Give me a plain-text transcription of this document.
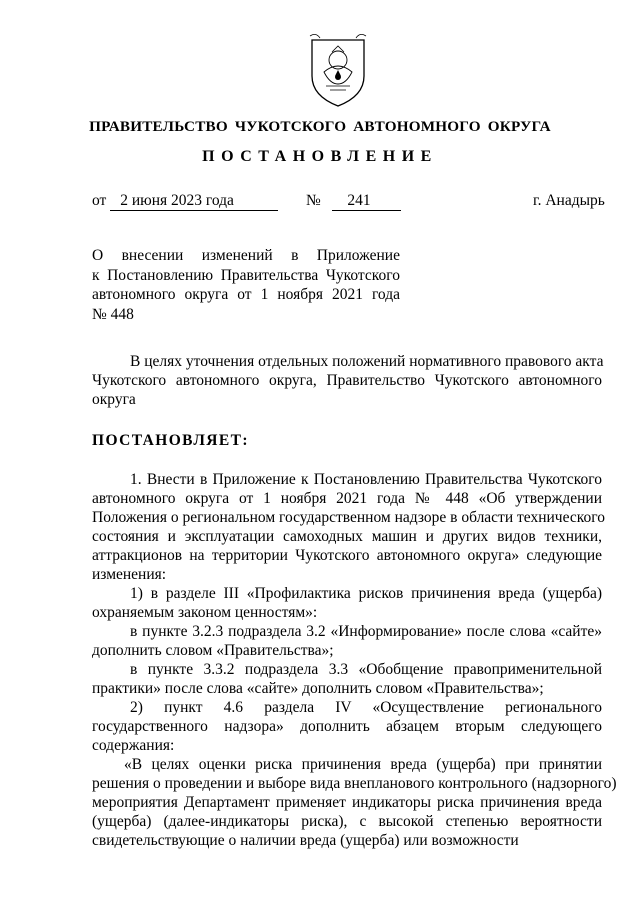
ПРАВИТЕЛЬСТВО ЧУКОТСКОГО АВТОНОМНОГО ОКРУГА
ПОСТАНОВЛЕНИЕ
от 2 июня 2023 года	№ 241	г. Анадырь
О внесении изменений в Приложение
к Постановлению Правительства Чукотского
автономного округа от 1 ноября 2021 года
№ 448
В целях уточнения отдельных положений нормативного правового акта
Чукотского автономного округа, Правительство Чукотского автономного
округа
ПОСТАНОВЛЯЕТ:
1. Внести в Приложение к Постановлению Правительства Чукотского
автономного округа от 1 ноября 2021 года № 448 «Об утверждении
Положения о региональном государственном надзоре в области технического
состояния и эксплуатации самоходных машин и других видов техники,
аттракционов на территории Чукотского автономного округа» следующие
изменения:
1) в разделе III «Профилактика рисков причинения вреда (ущерба)
охраняемым законом ценностям»:
в пункте 3.2.3 подраздела 3.2 «Информирование» после слова «сайте»
дополнить словом «Правительства»;
в пункте 3.3.2 подраздела 3.3 «Обобщение правоприменительной
практики» после слова «сайте» дополнить словом «Правительства»;
2) пункт 4.6 раздела IV «Осуществление регионального
государственного надзора» дополнить абзацем вторым следующего
содержания:
«В целях оценки риска причинения вреда (ущерба) при принятии
решения о проведении и выборе вида внепланового контрольного (надзорного)
мероприятия Департамент применяет индикаторы риска причинения вреда
(ущерба) (далее-индикаторы риска), с высокой степенью вероятности
свидетельствующие о наличии вреда (ущерба) или возможности
